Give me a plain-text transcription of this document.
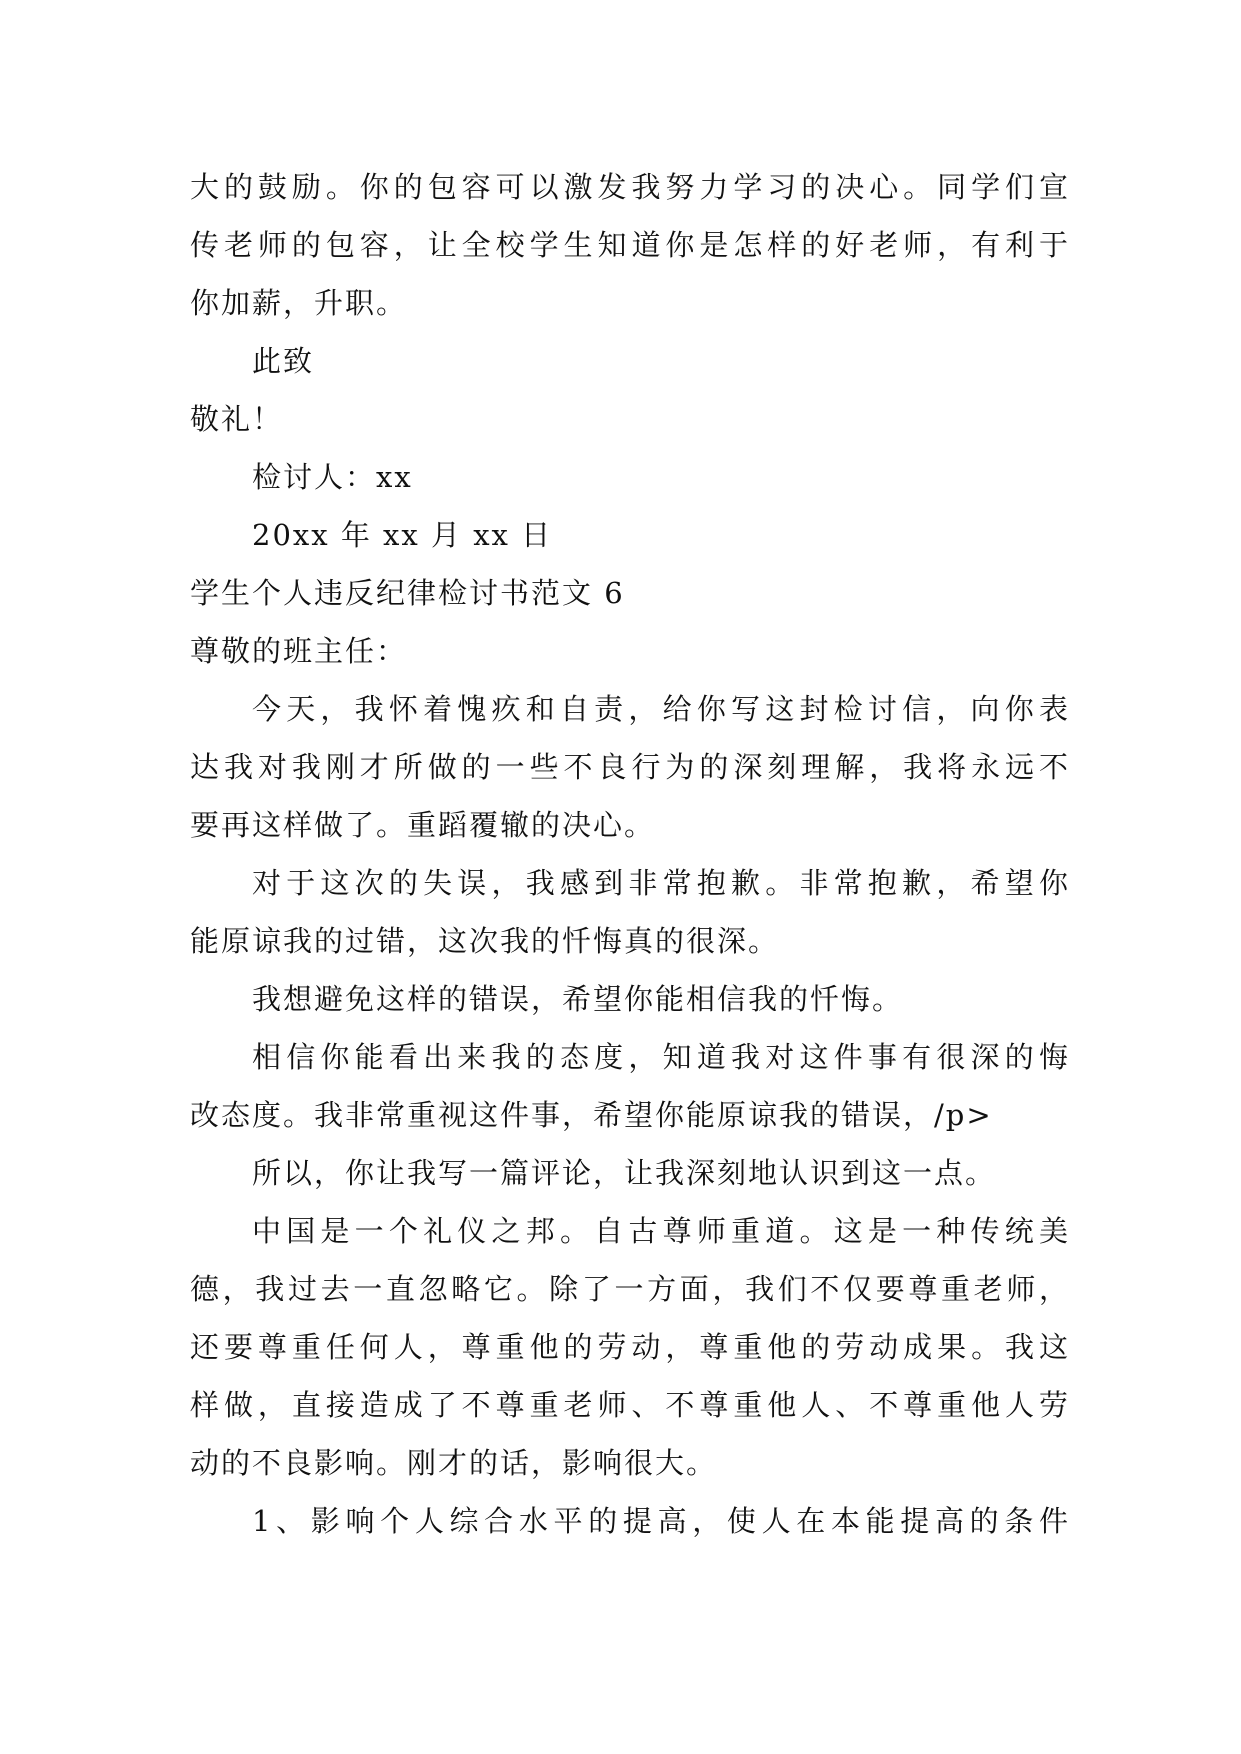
大的鼓励。你的包容可以激发我努力学习的决心。同学们宣
传老师的包容，让全校学生知道你是怎样的好老师，有利于
你加薪，升职。
此致
敬礼！
检讨人：xx
20xx 年 xx 月 xx 日
学生个人违反纪律检讨书范文 6
尊敬的班主任：
今天，我怀着愧疚和自责，给你写这封检讨信，向你表
达我对我刚才所做的一些不良行为的深刻理解，我将永远不
要再这样做了。重蹈覆辙的决心。
对于这次的失误，我感到非常抱歉。非常抱歉，希望你
能原谅我的过错，这次我的忏悔真的很深。
我想避免这样的错误，希望你能相信我的忏悔。
相信你能看出来我的态度，知道我对这件事有很深的悔
改态度。我非常重视这件事，希望你能原谅我的错误，/p>
所以，你让我写一篇评论，让我深刻地认识到这一点。
中国是一个礼仪之邦。自古尊师重道。这是一种传统美
德，我过去一直忽略它。除了一方面，我们不仅要尊重老师，
还要尊重任何人，尊重他的劳动，尊重他的劳动成果。我这
样做，直接造成了不尊重老师、不尊重他人、不尊重他人劳
动的不良影响。刚才的话，影响很大。
1、影响个人综合水平的提高，使人在本能提高的条件
